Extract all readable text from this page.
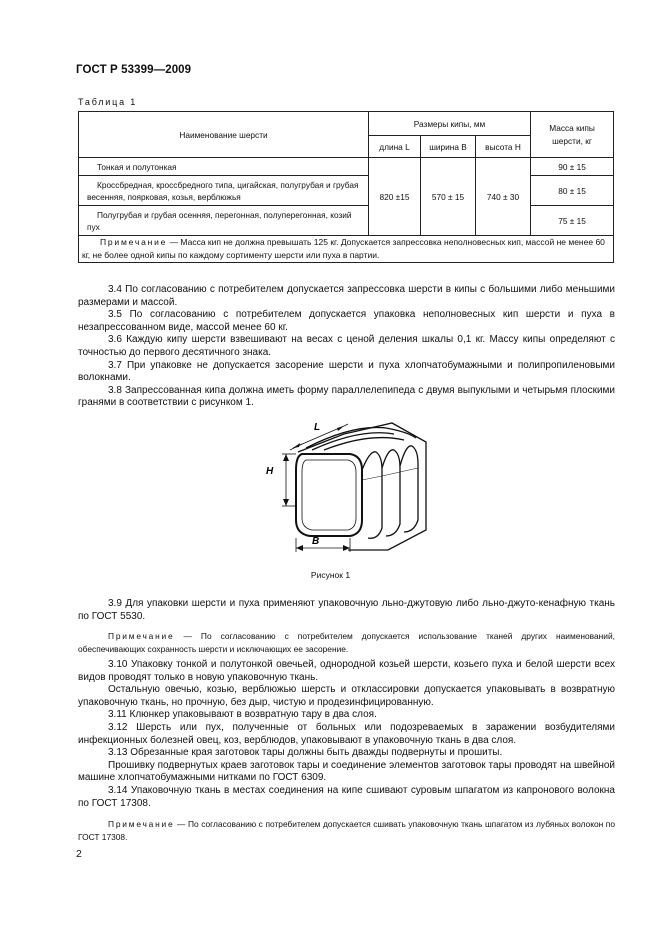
ГОСТ Р 53399—2009
Таблица 1
Наименование шерсти	Размеры кипы, мм			Масса кипы шерсти, кг
	длина L	ширина B	высота H	
Тонкая и полутонкая	820 ±15	570 ± 15	740 ± 30	90 ± 15
Кроссбредная, кроссбредного типа, цигайская, полугрубая и грубая весенняя, поярковая, козья, верблюжья				80 ± 15
Полугрубая и грубая осенняя, перегонная, полуперегонная, козий пух				75 ± 15
Примечание — Масса кип не должна превышать 125 кг. Допускается запрессовка неполновесных кип, массой не менее 60 кг, не более одной кипы по каждому сортименту шерсти или пуха в партии.				

3.4 По согласованию с потребителем допускается запрессовка шерсти в кипы с большими либо меньшими размерами и массой.

3.5 По согласованию с потребителем допускается упаковка неполновесных кип шерсти и пуха в незапрессованном виде, массой менее 60 кг.

3.6 Каждую кипу шерсти взвешивают на весах с ценой деления шкалы 0,1 кг. Массу кипы определяют с точностью до первого десятичного знака.

3.7 При упаковке не допускается засорение шерсти и пуха хлопчатобумажными и полипропиленовыми волокнами.

3.8 Запрессованная кипа должна иметь форму параллелепипеда с двумя выпуклыми и четырьмя плоскими гранями в соответствии с рисунком 1.

L
H
B
Рисунок 1

3.9 Для упаковки шерсти и пуха применяют упаковочную льно-джутовую либо льно-джуто-кенафную ткань по ГОСТ 5530.

Примечание — По согласованию с потребителем допускается использование тканей других наименований, обеспечивающих сохранность шерсти и исключающих ее засорение.

3.10 Упаковку тонкой и полутонкой овечьей, однородной козьей шерсти, козьего пуха и белой шерсти всех видов проводят только в новую упаковочную ткань.

Остальную овечью, козью, верблюжью шерсть и отклассировки допускается упаковывать в возвратную упаковочную ткань, но прочную, без дыр, чистую и продезинфицированную.

3.11 Клюнкер упаковывают в возвратную тару в два слоя.

3.12 Шерсть или пух, полученные от больных или подозреваемых в заражении возбудителями инфекционных болезней овец, коз, верблюдов, упаковывают в упаковочную ткань в два слоя.

3.13 Обрезанные края заготовок тары должны быть дважды подвернуты и прошиты.

Прошивку подвернутых краев заготовок тары и соединение элементов заготовок тары проводят на швейной машине хлопчатобумажными нитками по ГОСТ 6309.

3.14 Упаковочную ткань в местах соединения на кипе сшивают суровым шпагатом из капронового волокна по ГОСТ 17308.

Примечание — По согласованию с потребителем допускается сшивать упаковочную ткань шпагатом из лубяных волокон по ГОСТ 17308.

2
